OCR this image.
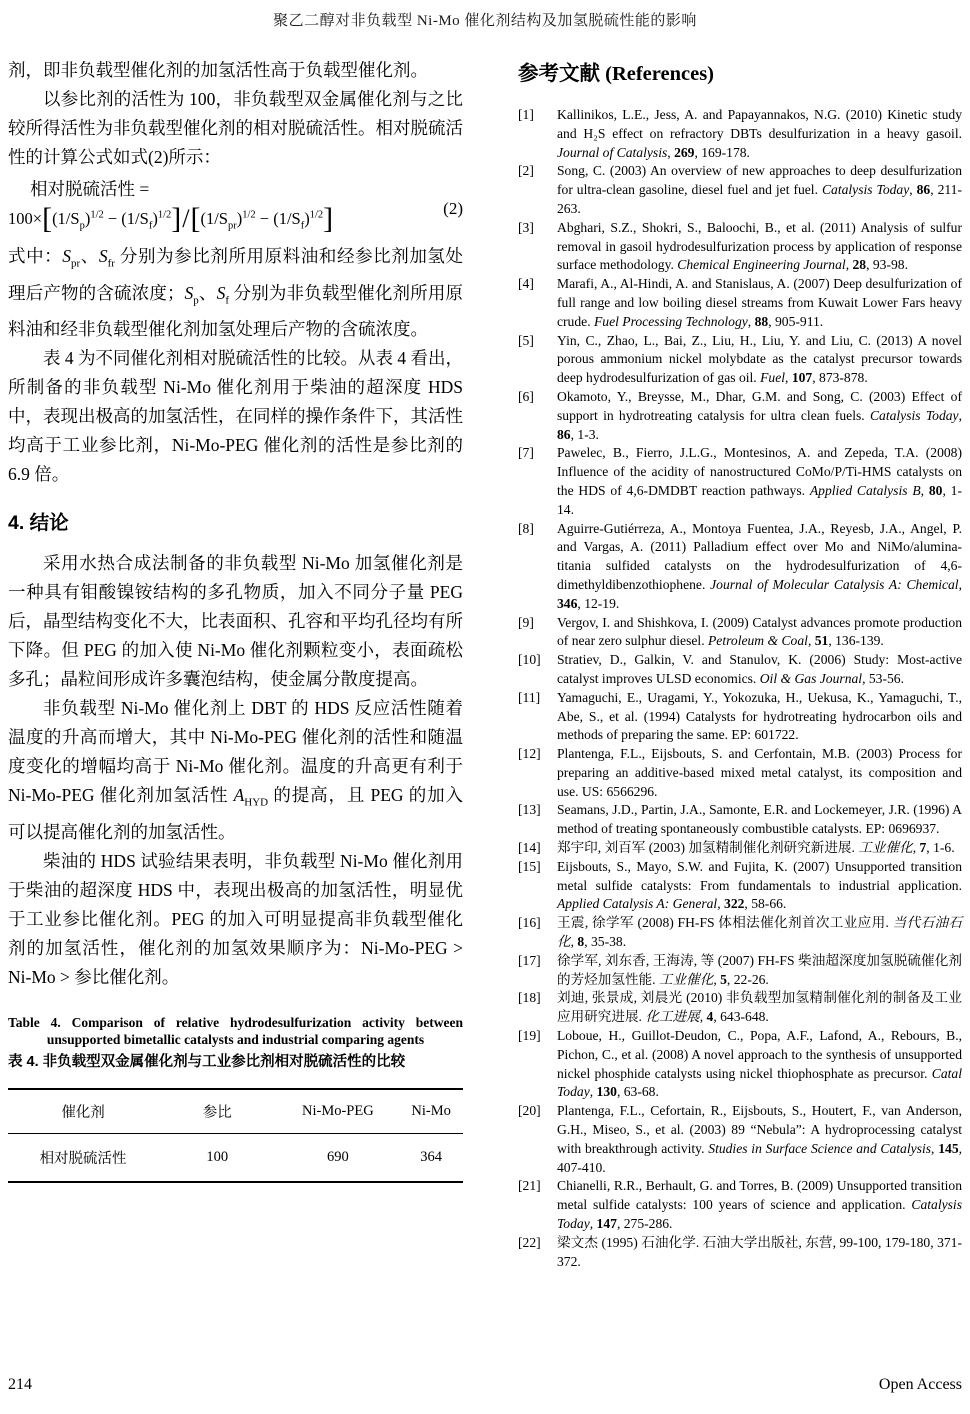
聚乙二醇对非负载型 Ni-Mo 催化剂结构及加氢脱硫性能的影响

剂，即非负载型催化剂的加氢活性高于负载型催化剂。

以参比剂的活性为 100，非负载型双金属催化剂与之比较所得活性为非负载型催化剂的相对脱硫活性。相对脱硫活性的计算公式如式(2)所示：

相对脱硫活性 =
$100\times[(1/S_p)^{1/2} - (1/S_f)^{1/2}]/[(1/S_{pr})^{1/2} - (1/S_f)^{1/2}]$	(2)

式中：$S_{pr}$、$S_{fr}$ 分别为参比剂所用原料油和经参比剂加氢处理后产物的含硫浓度；$S_p$、$S_f$ 分别为非负载型催化剂所用原料油和经非负载型催化剂加氢处理后产物的含硫浓度。

表 4 为不同催化剂相对脱硫活性的比较。从表 4 看出，所制备的非负载型 Ni-Mo 催化剂用于柴油的超深度 HDS 中，表现出极高的加氢活性，在同样的操作条件下，其活性均高于工业参比剂，Ni-Mo-PEG 催化剂的活性是参比剂的 6.9 倍。

4. 结论

采用水热合成法制备的非负载型 Ni-Mo 加氢催化剂是一种具有钼酸镍铵结构的多孔物质，加入不同分子量 PEG 后，晶型结构变化不大，比表面积、孔容和平均孔径均有所下降。但 PEG 的加入使 Ni-Mo 催化剂颗粒变小，表面疏松多孔；晶粒间形成许多囊泡结构，使金属分散度提高。

非负载型 Ni-Mo 催化剂上 DBT 的 HDS 反应活性随着温度的升高而增大，其中 Ni-Mo-PEG 催化剂的活性和随温度变化的增幅均高于 Ni-Mo 催化剂。温度的升高更有利于 Ni-Mo-PEG 催化剂加氢活性 $A_{HYD}$ 的提高，且 PEG 的加入可以提高催化剂的加氢活性。

柴油的 HDS 试验结果表明，非负载型 Ni-Mo 催化剂用于柴油的超深度 HDS 中，表现出极高的加氢活性，明显优于工业参比催化剂。PEG 的加入可明显提高非负载型催化剂的加氢活性，催化剂的加氢效果顺序为：Ni-Mo-PEG > Ni-Mo > 参比催化剂。

Table 4. Comparison of relative hydrodesulfurization activity between unsupported bimetallic catalysts and industrial comparing agents
表 4. 非负载型双金属催化剂与工业参比剂相对脱硫活性的比较
催化剂	参比	Ni-Mo-PEG	Ni-Mo
相对脱硫活性	100	690	364
参考文献 (References)
[1]	Kallinikos, L.E., Jess, A. and Papayannakos, N.G. (2010) Kinetic study and H₂S effect on refractory DBTs desulfurization in a heavy gasoil. Journal of Catalysis, 269, 169-178.
[2]	Song, C. (2003) An overview of new approaches to deep desulfurization for ultra-clean gasoline, diesel fuel and jet fuel. Catalysis Today, 86, 211-263.
[3]	Abghari, S.Z., Shokri, S., Baloochi, B., et al. (2011) Analysis of sulfur removal in gasoil hydrodesulfurization process by application of response surface methodology. Chemical Engineering Journal, 28, 93-98.
[4]	Marafi, A., Al-Hindi, A. and Stanislaus, A. (2007) Deep desulfurization of full range and low boiling diesel streams from Kuwait Lower Fars heavy crude. Fuel Processing Technology, 88, 905-911.
[5]	Yin, C., Zhao, L., Bai, Z., Liu, H., Liu, Y. and Liu, C. (2013) A novel porous ammonium nickel molybdate as the catalyst precursor towards deep hydrodesulfurization of gas oil. Fuel, 107, 873-878.
[6]	Okamoto, Y., Breysse, M., Dhar, G.M. and Song, C. (2003) Effect of support in hydrotreating catalysis for ultra clean fuels. Catalysis Today, 86, 1-3.
[7]	Pawelec, B., Fierro, J.L.G., Montesinos, A. and Zepeda, T.A. (2008) Influence of the acidity of nanostructured CoMo/P/Ti-HMS catalysts on the HDS of 4,6-DMDBT reaction pathways. Applied Catalysis B, 80, 1-14.
[8]	Aguirre-Gutiérreza, A., Montoya Fuentea, J.A., Reyesb, J.A., Angel, P. and Vargas, A. (2011) Palladium effect over Mo and NiMo/alumina-titania sulfided catalysts on the hydrodesulfurization of 4,6-dimethyldibenzothiophene. Journal of Molecular Catalysis A: Chemical, 346, 12-19.
[9]	Vergov, I. and Shishkova, I. (2009) Catalyst advances promote production of near zero sulphur diesel. Petroleum & Coal, 51, 136-139.
[10]	Stratiev, D., Galkin, V. and Stanulov, K. (2006) Study: Most-active catalyst improves ULSD economics. Oil & Gas Journal, 53-56.
[11]	Yamaguchi, E., Uragami, Y., Yokozuka, H., Uekusa, K., Yamaguchi, T., Abe, S., et al. (1994) Catalysts for hydrotreating hydrocarbon oils and methods of preparing the same. EP: 601722.
[12]	Plantenga, F.L., Eijsbouts, S. and Cerfontain, M.B. (2003) Process for preparing an additive-based mixed metal catalyst, its composition and use. US: 6566296.
[13]	Seamans, J.D., Partin, J.A., Samonte, E.R. and Lockemeyer, J.R. (1996) A method of treating spontaneously combustible catalysts. EP: 0696937.
[14]	郑宇印, 刘百军 (2003) 加氢精制催化剂研究新进展. 工业催化, 7, 1-6.
[15]	Eijsbouts, S., Mayo, S.W. and Fujita, K. (2007) Unsupported transition metal sulfide catalysts: From fundamentals to industrial application. Applied Catalysis A: General, 322, 58-66.
[16]	王震, 徐学军 (2008) FH-FS 体相法催化剂首次工业应用. 当代石油石化, 8, 35-38.
[17]	徐学军, 刘东香, 王海涛, 等 (2007) FH-FS 柴油超深度加氢脱硫催化剂的芳烃加氢性能. 工业催化, 5, 22-26.
[18]	刘迪, 张景成, 刘晨光 (2010) 非负载型加氢精制催化剂的制备及工业应用研究进展. 化工进展, 4, 643-648.
[19]	Loboue, H., Guillot-Deudon, C., Popa, A.F., Lafond, A., Rebours, B., Pichon, C., et al. (2008) A novel approach to the synthesis of unsupported nickel phosphide catalysts using nickel thiophosphate as precursor. Catal Today, 130, 63-68.
[20]	Plantenga, F.L., Cefortain, R., Eijsbouts, S., Houtert, F., van Anderson, G.H., Miseo, S., et al. (2003) 89 “Nebula”: A hydroprocessing catalyst with breakthrough activity. Studies in Surface Science and Catalysis, 145, 407-410.
[21]	Chianelli, R.R., Berhault, G. and Torres, B. (2009) Unsupported transition metal sulfide catalysts: 100 years of science and application. Catalysis Today, 147, 275-286.
[22]	梁文杰 (1995) 石油化学. 石油大学出版社, 东营, 99-100, 179-180, 371-372.
214	Open Access
